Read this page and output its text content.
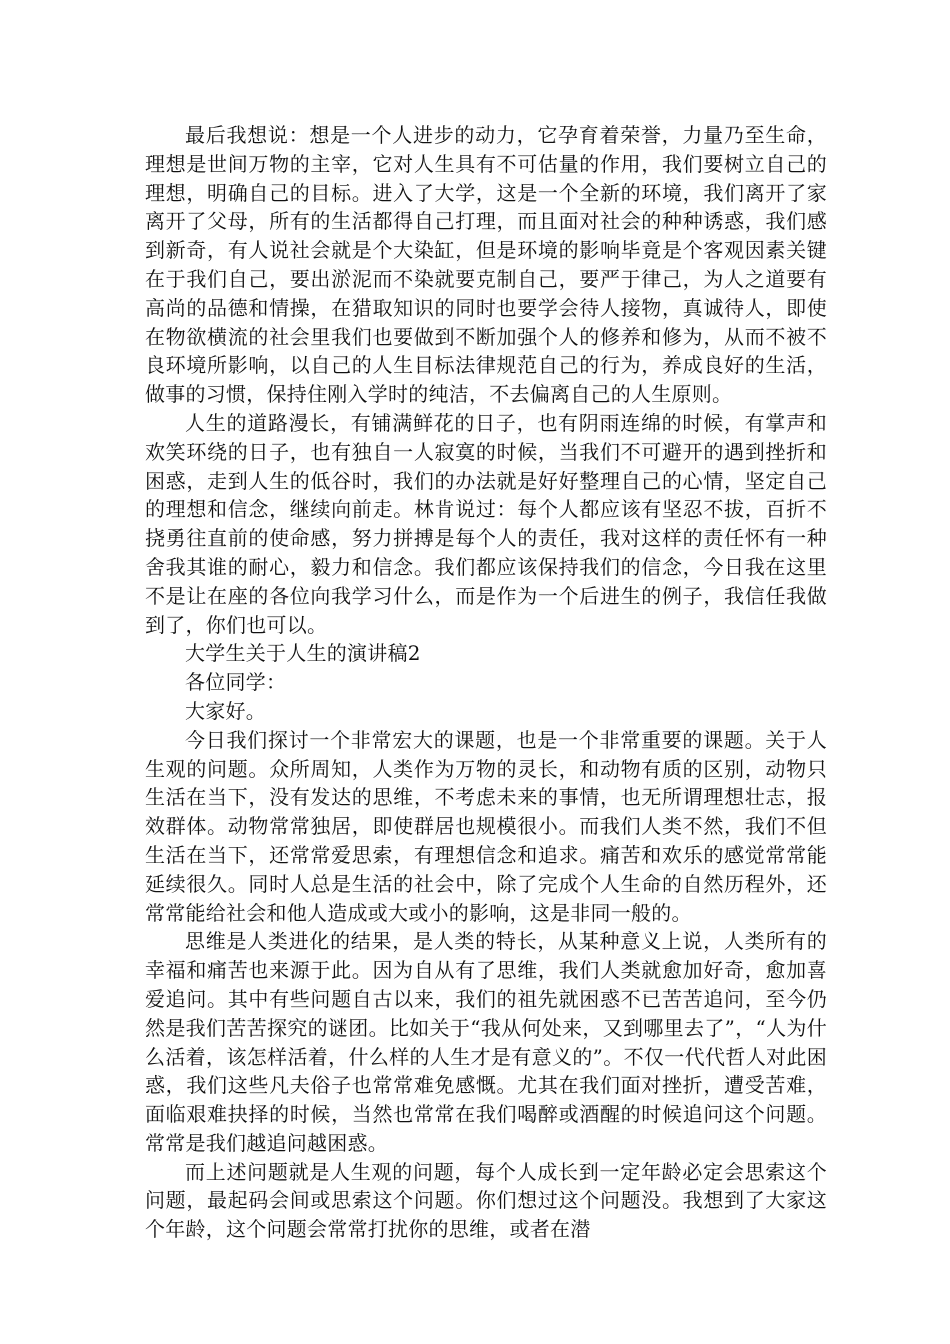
最后我想说：想是一个人进步的动力，它孕育着荣誉，力量乃至生命，理想是世间万物的主宰，它对人生具有不可估量的作用，我们要树立自己的理想，明确自己的目标。进入了大学，这是一个全新的环境，我们离开了家离开了父母，所有的生活都得自己打理，而且面对社会的种种诱惑，我们感到新奇，有人说社会就是个大染缸，但是环境的影响毕竟是个客观因素关键在于我们自己，要出淤泥而不染就要克制自己，要严于律己，为人之道要有高尚的品德和情操，在猎取知识的同时也要学会待人接物，真诚待人，即使在物欲横流的社会里我们也要做到不断加强个人的修养和修为，从而不被不良环境所影响，以自己的人生目标法律规范自己的行为，养成良好的生活，做事的习惯，保持住刚入学时的纯洁，不去偏离自己的人生原则。

人生的道路漫长，有铺满鲜花的日子，也有阴雨连绵的时候，有掌声和欢笑环绕的日子，也有独自一人寂寞的时候，当我们不可避开的遇到挫折和困惑，走到人生的低谷时，我们的办法就是好好整理自己的心情，坚定自己的理想和信念，继续向前走。林肯说过：每个人都应该有坚忍不拔，百折不挠勇往直前的使命感，努力拼搏是每个人的责任，我对这样的责任怀有一种舍我其谁的耐心，毅力和信念。我们都应该保持我们的信念，今日我在这里不是让在座的各位向我学习什么，而是作为一个后进生的例子，我信任我做到了，你们也可以。

大学生关于人生的演讲稿2

各位同学：

大家好。

今日我们探讨一个非常宏大的课题，也是一个非常重要的课题。关于人生观的问题。众所周知，人类作为万物的灵长，和动物有质的区别，动物只生活在当下，没有发达的思维，不考虑未来的事情，也无所谓理想壮志，报效群体。动物常常独居，即使群居也规模很小。而我们人类不然，我们不但生活在当下，还常常爱思索，有理想信念和追求。痛苦和欢乐的感觉常常能延续很久。同时人总是生活的社会中，除了完成个人生命的自然历程外，还常常能给社会和他人造成或大或小的影响，这是非同一般的。

思维是人类进化的结果，是人类的特长，从某种意义上说，人类所有的幸福和痛苦也来源于此。因为自从有了思维，我们人类就愈加好奇，愈加喜爱追问。其中有些问题自古以来，我们的祖先就困惑不已苦苦追问，至今仍然是我们苦苦探究的谜团。比如关于“我从何处来，又到哪里去了”，“人为什么活着，该怎样活着，什么样的人生才是有意义的”。不仅一代代哲人对此困惑，我们这些凡夫俗子也常常难免感慨。尤其在我们面对挫折，遭受苦难，面临艰难抉择的时候，当然也常常在我们喝醉或酒醒的时候追问这个问题。常常是我们越追问越困惑。

而上述问题就是人生观的问题，每个人成长到一定年龄必定会思索这个问题，最起码会间或思索这个问题。你们想过这个问题没。我想到了大家这个年龄，这个问题会常常打扰你的思维，或者在潜
